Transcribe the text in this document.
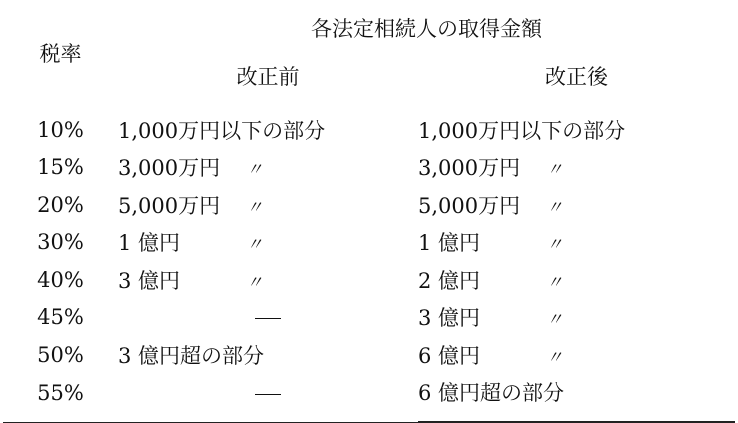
税率	各法定相続人の取得金額	
	改正前	改正後
10%	1,000万円以下の部分	1,000万円以下の部分
15%	3,000万円 〃	3,000万円 〃
20%	5,000万円 〃	5,000万円 〃
30%	1 億円 〃	1 億円 〃
40%	3 億円 〃	2 億円 〃
45%		3 億円 〃
50%	3 億円超の部分	6 億円 〃
55%		6 億円超の部分
